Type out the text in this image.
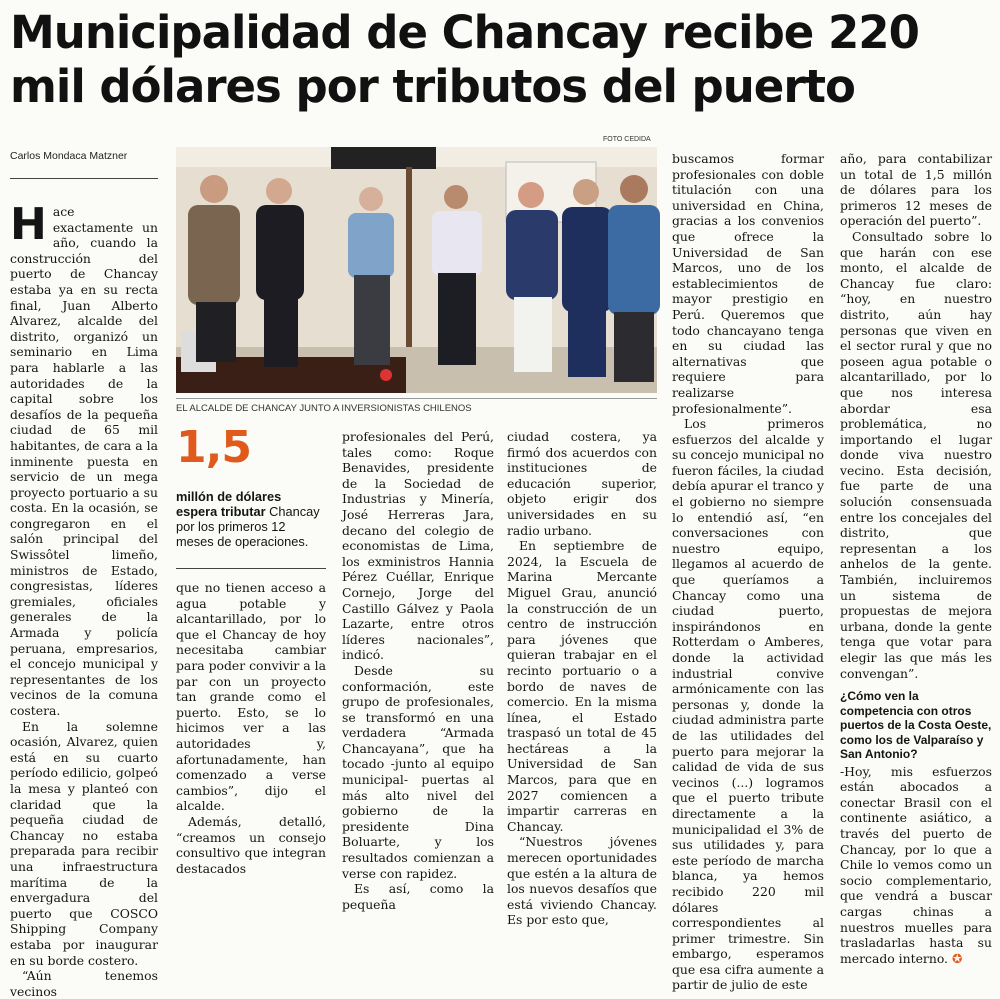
Municipalidad de Chancay recibe 220 mil dólares por tributos del puerto
Carlos Mondaca Matzner
FOTO CEDIDA
EL ALCALDE DE CHANCAY JUNTO A INVERSIONISTAS CHILENOS

Hace exactamente un año, cuando la construcción del puerto de Chancay estaba ya en su recta final, Juan Alberto Alvarez, alcalde del distrito, organizó un seminario en Lima para hablarle a las autoridades de la capital sobre los desafíos de la pequeña ciudad de 65 mil habitantes, de cara a la inminente puesta en servicio de un mega proyecto portuario a su costa. En la ocasión, se congregaron en el salón principal del Swissôtel limeño, ministros de Estado, congresistas, líderes gremiales, oficiales generales de la Armada y policía peruana, empresarios, el concejo municipal y representantes de los vecinos de la comuna costera.

En la solemne ocasión, Alvarez, quien está en su cuarto período edilicio, golpeó la mesa y planteó con claridad que la pequeña ciudad de Chancay no estaba preparada para recibir una infraestructura marítima de la envergadura del puerto que COSCO Shipping Company estaba por inaugurar en su borde costero.

“Aún tenemos vecinos

1,5
millón de dólares espera tributar Chancay por los primeros 12 meses de operaciones.

que no tienen acceso a agua potable y alcantarillado, por lo que el Chancay de hoy necesitaba cambiar para poder convivir a la par con un proyecto tan grande como el puerto. Esto, se lo hicimos ver a las autoridades y, afortunadamente, han comenzado a verse cambios”, dijo el alcalde.

Además, detalló, “creamos un consejo consultivo que integran destacados

profesionales del Perú, tales como: Roque Benavides, presidente de la Sociedad de Industrias y Minería, José Herreras Jara, decano del colegio de economistas de Lima, los exministros Hannia Pérez Cuéllar, Enrique Cornejo, Jorge del Castillo Gálvez y Paola Lazarte, entre otros líderes nacionales”, indicó.

Desde su conformación, este grupo de profesionales, se transformó en una verdadera “Armada Chancayana”, que ha tocado -junto al equipo municipal- puertas al más alto nivel del gobierno de la presidente Dina Boluarte, y los resultados comienzan a verse con rapidez.

Es así, como la pequeña

ciudad costera, ya firmó dos acuerdos con instituciones de educación superior, objeto erigir dos universidades en su radio urbano.

En septiembre de 2024, la Escuela de Marina Mercante Miguel Grau, anunció la construcción de un centro de instrucción para jóvenes que quieran trabajar en el recinto portuario o a bordo de naves de comercio. En la misma línea, el Estado traspasó un total de 45 hectáreas a la Universidad de San Marcos, para que en 2027 comiencen a impartir carreras en Chancay.

“Nuestros jóvenes merecen oportunidades que estén a la altura de los nuevos desafíos que está viviendo Chancay. Es por esto que,

buscamos formar profesionales con doble titulación con una universidad en China, gracias a los convenios que ofrece la Universidad de San Marcos, uno de los establecimientos de mayor prestigio en Perú. Queremos que todo chancayano tenga en su ciudad las alternativas que requiere para realizarse profesionalmente”.

Los primeros esfuerzos del alcalde y su concejo municipal no fueron fáciles, la ciudad debía apurar el tranco y el gobierno no siempre lo entendió así, “en conversaciones con nuestro equipo, llegamos al acuerdo de que queríamos a Chancay como una ciudad puerto, inspirándonos en Rotterdam o Amberes, donde la actividad industrial convive armónicamente con las personas y, donde la ciudad administra parte de las utilidades del puerto para mejorar la calidad de vida de sus vecinos (...) logramos que el puerto tribute directamente a la municipalidad el 3% de sus utilidades y, para este período de marcha blanca, ya hemos recibido 220 mil dólares correspondientes al primer trimestre. Sin embargo, esperamos que esa cifra aumente a partir de julio de este

año, para contabilizar un total de 1,5 millón de dólares para los primeros 12 meses de operación del puerto”.

Consultado sobre lo que harán con ese monto, el alcalde de Chancay fue claro: “hoy, en nuestro distrito, aún hay personas que viven en el sector rural y que no poseen agua potable o alcantarillado, por lo que nos interesa abordar esa problemática, no importando el lugar donde viva nuestro vecino. Esta decisión, fue parte de una solución consensuada entre los concejales del distrito, que representan a los anhelos de la gente. También, incluiremos un sistema de propuestas de mejora urbana, donde la gente tenga que votar para elegir las que más les convengan”.

¿Cómo ven la competencia con otros puertos de la Costa Oeste, como los de Valparaíso y San Antonio?

-Hoy, mis esfuerzos están abocados a conectar Brasil con el continente asiático, a través del puerto de Chancay, por lo que a Chile lo vemos como un socio complementario, que vendrá a buscar cargas chinas a nuestros muelles para trasladarlas hasta su mercado interno. ✪
